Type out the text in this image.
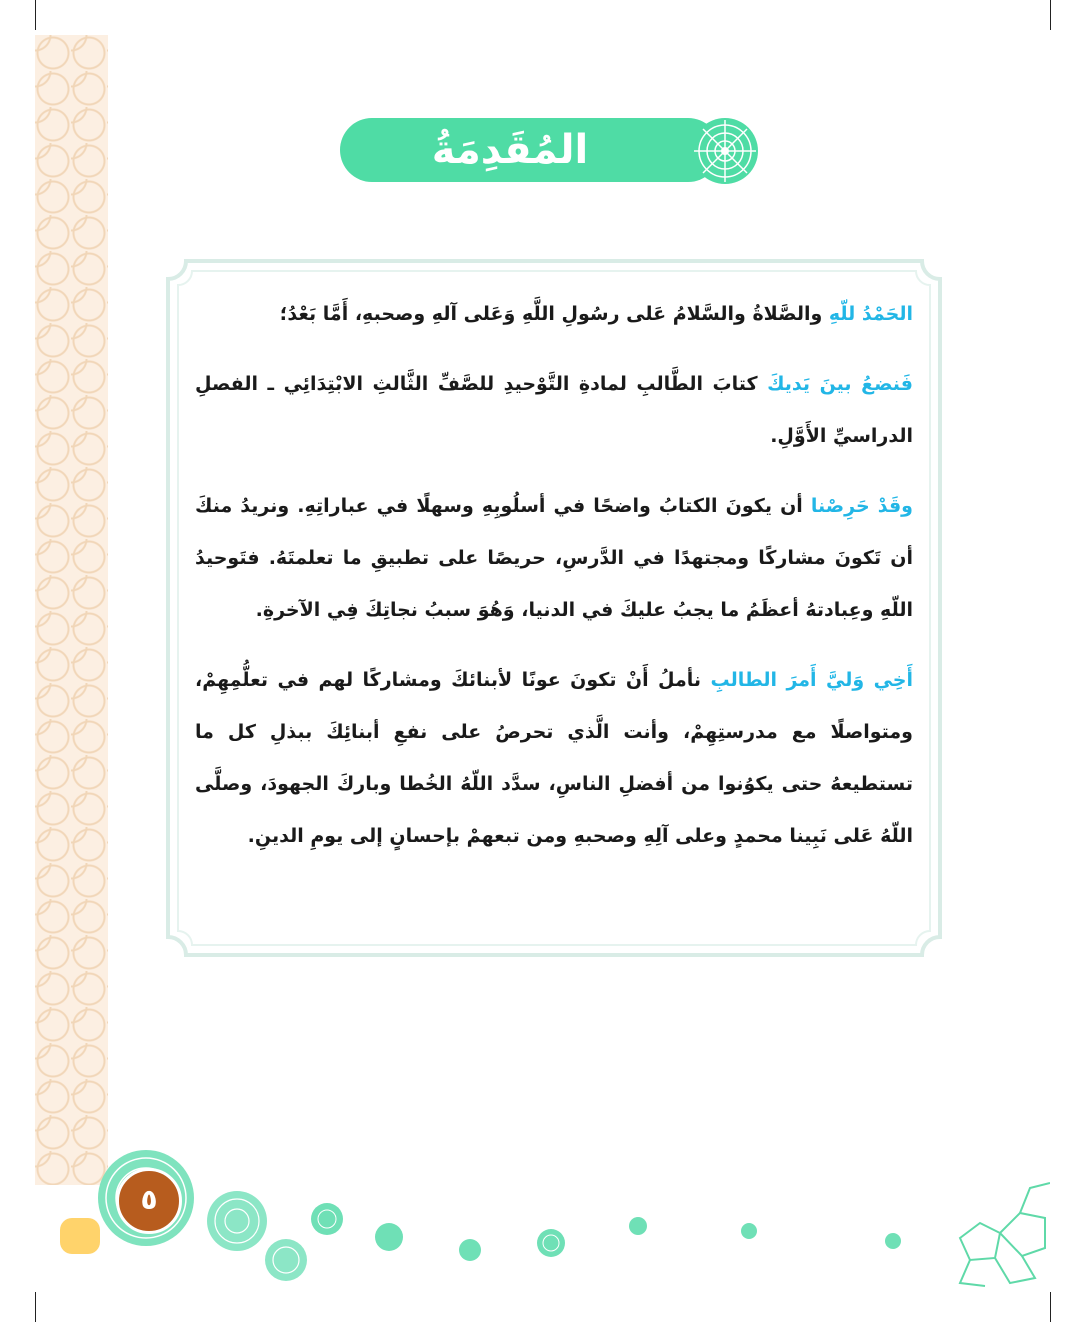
المُقَدِمَةُ

الحَمْدُ للّهِ والصَّلاةُ والسَّلامُ عَلى رسُولِ اللَّهِ وَعَلى آلهِ وصحبهِ، أَمَّا بَعْدُ؛

فَنضعُ بينَ يَديكَ كتابَ الطَّالبِ لمادةِ التَّوْحيدِ للصَّفِّ الثَّالثِ الابْتِدَائِي ـ الفصلِ الدراسيِّ الأَوَّلِ.

وقَدْ حَرِصْنا أن يكونَ الكتابُ واضحًا في أسلُوبِهِ وسهلًا في عباراتِهِ. ونريدُ منكَ أن تَكونَ مشاركًا ومجتهدًا في الدَّرسِ، حريصًا على تطبيقِ ما تعلمتَهُ. فتَوحيدُ اللّهِ وعِبادتهُ أعظَمُ ما يجبُ عليكَ في الدنيا، وَهُوَ سببُ نجاتِكَ فِي الآخرةِ.

أَخِي وَليَّ أَمرَ الطالبِ نأملُ أَنْ تكونَ عونًا لأبنائكَ ومشاركًا لهم في تعلُّمِهِمْ، ومتواصلًا مع مدرستِهِمْ، وأنت الَّذي تحرصُ على نفعِ أبنائِكَ ببذلِ كل ما تستطيعهُ حتى يكوُنوا من أفضلِ الناسِ، سدَّد اللّهُ الخُطا وباركَ الجهودَ، وصلَّى اللّهُ عَلى نَبِينا محمدٍ وعلى آلِهِ وصحبهِ ومن تبعهمْ بإحسانٍ إلى يومِ الدينِ.

٥
